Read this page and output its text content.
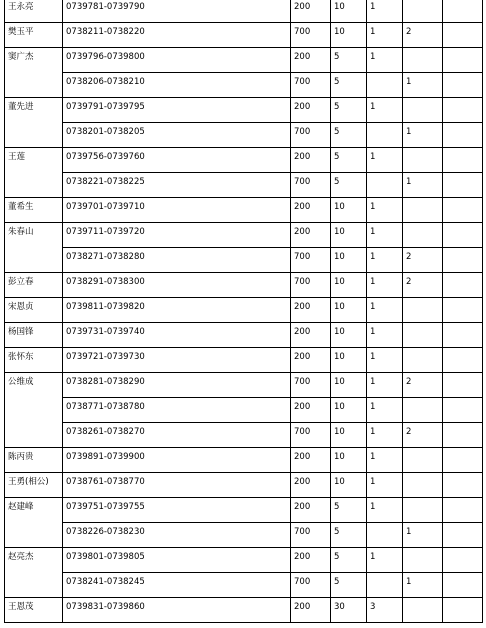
王永亮	0739781-0739790	200	10	1		

樊玉平	0738211-0738220	700	10	1	2	

窦广杰	0739796-0739800	200	5	1		

	0738206-0738210	700	5		1	

董先进	0739791-0739795	200	5	1		

	0738201-0738205	700	5		1	

王莲	0739756-0739760	200	5	1		

	0738221-0738225	700	5		1	

董希生	0739701-0739710	200	10	1		

朱春山	0739711-0739720	200	10	1		

	0738271-0738280	700	10	1	2	

彭立春	0738291-0738300	700	10	1	2	

宋恩贞	0739811-0739820	200	10	1		

杨国锋	0739731-0739740	200	10	1		

张怀东	0739721-0739730	200	10	1		

公维成	0738281-0738290	700	10	1	2	

	0738771-0738780	200	10	1		

	0738261-0738270	700	10	1	2	

陈丙贵	0739891-0739900	200	10	1		

王勇(相公)	0738761-0738770	200	10	1		

赵建峰	0739751-0739755	200	5	1		

	0738226-0738230	700	5		1	

赵亮杰	0739801-0739805	200	5	1		

	0738241-0738245	700	5		1	

王恩茂	0739831-0739860	200	30	3		
